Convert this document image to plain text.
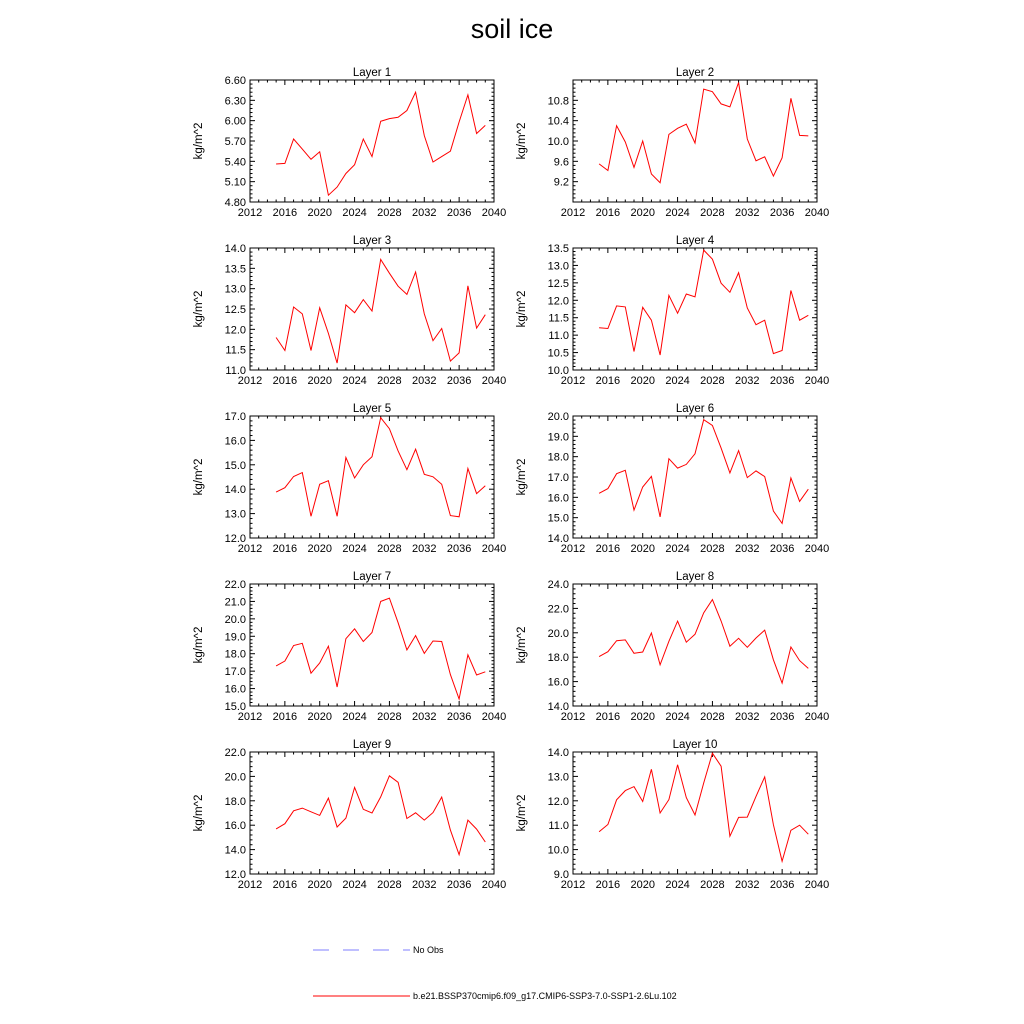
soil ice
Layer 1
2012 2016 2020 2024 2028 2032 2036 2040
4.80
5.10
5.40
5.70
6.00
6.30
6.60
kg/m^2
Layer 2
2012 2016 2020 2024 2028 2032 2036 2040
9.2
9.6
10.0
10.4
10.8
kg/m^2
Layer 3
2012 2016 2020 2024 2028 2032 2036 2040
11.0
11.5
12.0
12.5
13.0
13.5
14.0
kg/m^2
Layer 4
2012 2016 2020 2024 2028 2032 2036 2040
10.0
10.5
11.0
11.5
12.0
12.5
13.0
13.5
kg/m^2
Layer 5
2012 2016 2020 2024 2028 2032 2036 2040
12.0
13.0
14.0
15.0
16.0
17.0
kg/m^2
Layer 6
2012 2016 2020 2024 2028 2032 2036 2040
14.0
15.0
16.0
17.0
18.0
19.0
20.0
kg/m^2
Layer 7
2012 2016 2020 2024 2028 2032 2036 2040
15.0
16.0
17.0
18.0
19.0
20.0
21.0
22.0
kg/m^2
Layer 8
2012 2016 2020 2024 2028 2032 2036 2040
14.0
16.0
18.0
20.0
22.0
24.0
kg/m^2
Layer 9
2012 2016 2020 2024 2028 2032 2036 2040
12.0
14.0
16.0
18.0
20.0
22.0
kg/m^2
Layer 10
2012 2016 2020 2024 2028 2032 2036 2040
9.0
10.0
11.0
12.0
13.0
14.0
kg/m^2
No Obs
b.e21.BSSP370cmip6.f09_g17.CMIP6-SSP3-7.0-SSP1-2.6Lu.102
